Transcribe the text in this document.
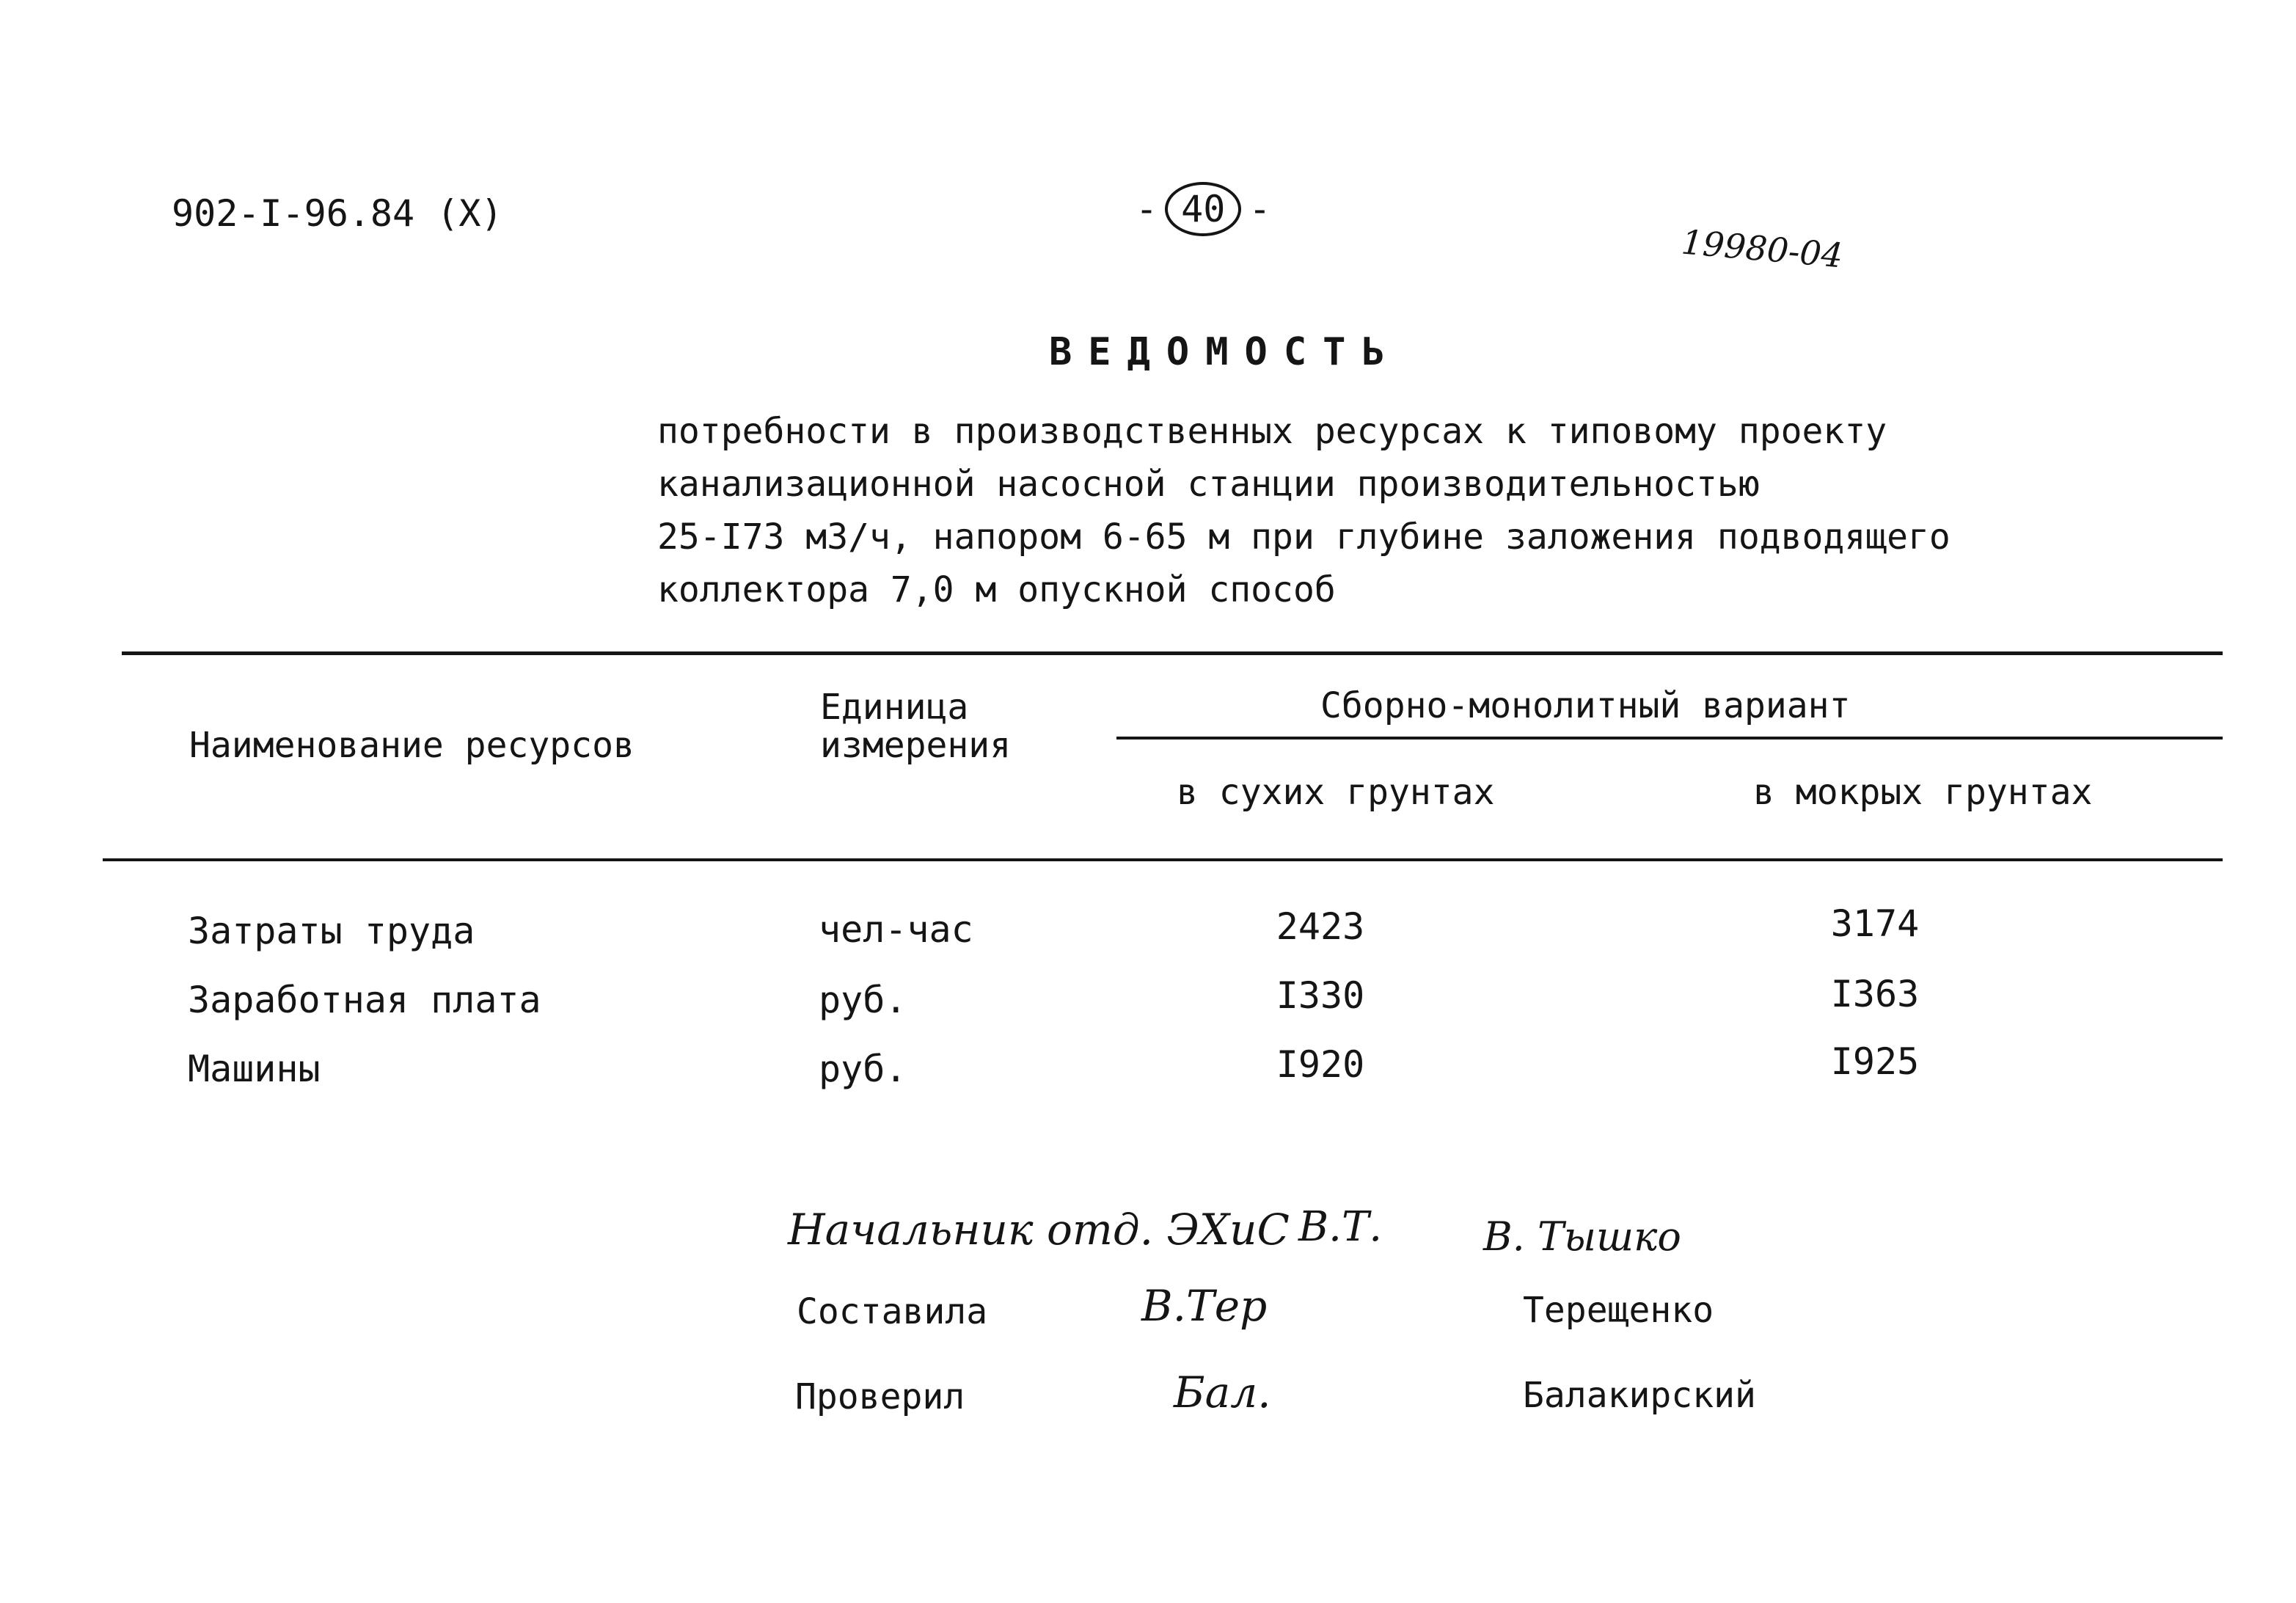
902-I-96.84 (X)	- 40 -
19980-04
ВЕДОМОСТЬ
потребности в производственных ресурсах к типовому проекту
канализационной насосной станции производительностью
25-I73 м3/ч, напором 6-65 м при глубине заложения подводящего
коллектора 7,0 м опускной способ
Наименование ресурсов
Единица
измерения
Сборно-монолитный вариант
в сухих грунтах	в мокрых грунтах
Затраты труда	чел-час	2423	3174
Заработная плата	руб.	I330	I363
Машины	руб.	I920	I925
Начальник отд. ЭХиС В.Т.	В. Тышко
Составила	В.Тер	Терещенко
Проверил	Бал.	Балакирский
